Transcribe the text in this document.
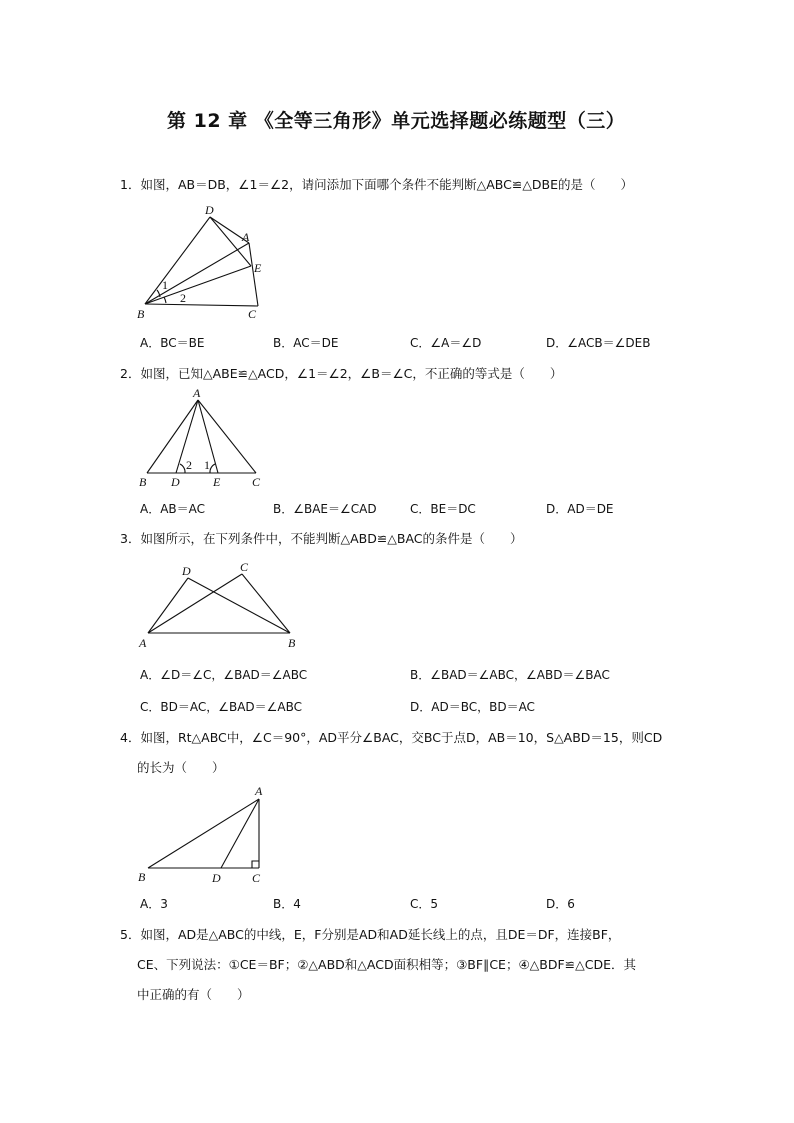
第 12 章 《全等三角形》单元选择题必练题型（三）
1．如图，AB＝DB，∠1＝∠2，请问添加下面哪个条件不能判断△ABC≌△DBE的是（　　）
D
A
E
B	C
1
2
A．BC＝BE	B．AC＝DE	C．∠A＝∠D	D．∠ACB＝∠DEB
2．如图，已知△ABE≌△ACD，∠1＝∠2，∠B＝∠C，不正确的等式是（　　）
A
B D	E	C
2 1
A．AB＝AC	B．∠BAE＝∠CAD	C．BE＝DC	D．AD＝DE
3．如图所示，在下列条件中，不能判断△ABD≌△BAC的条件是（　　）
D	C
A	B
A．∠D＝∠C，∠BAD＝∠ABC	B．∠BAD＝∠ABC，∠ABD＝∠BAC
C．BD＝AC，∠BAD＝∠ABC	D．AD＝BC，BD＝AC
4．如图，Rt△ABC中，∠C＝90°，AD平分∠BAC，交BC于点D，AB＝10，S△ABD＝15，则CD
的长为（　　）
A
B	D	C
A．3	B．4	C．5	D．6
5．如图，AD是△ABC的中线，E，F分别是AD和AD延长线上的点，且DE＝DF，连接BF，
CE、下列说法：①CE＝BF；②△ABD和△ACD面积相等；③BF∥CE；④△BDF≌△CDE．其
中正确的有（　　）
